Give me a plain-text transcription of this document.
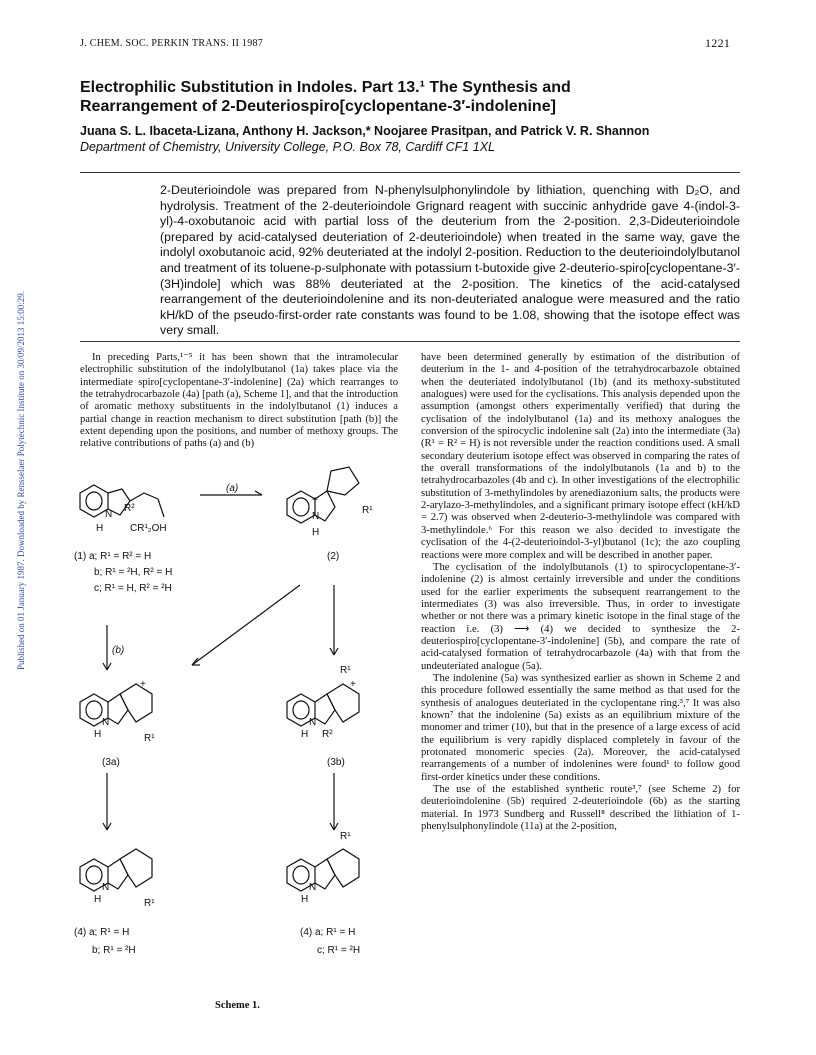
J. CHEM. SOC. PERKIN TRANS. II 1987	1221
Published on 01 January 1987. Downloaded by Rensselaer Polytechnic Institute on 30/09/2013 15:00:29.
Electrophilic Substitution in Indoles. Part 13.¹ The Synthesis and
Rearrangement of 2-Deuteriospiro[cyclopentane-3′-indolenine]
Juana S. L. Ibaceta-Lizana, Anthony H. Jackson,* Noojaree Prasitpan, and Patrick V. R. Shannon
Department of Chemistry, University College, P.O. Box 78, Cardiff CF1 1XL
2-Deuterioindole was prepared from N-phenylsulphonylindole by lithiation, quenching with D₂O, and hydrolysis. Treatment of the 2-deuterioindole Grignard reagent with succinic anhydride gave 4-(indol-3-yl)-4-oxobutanoic acid with partial loss of the deuterium from the 2-position. 2,3-Dideuterioindole (prepared by acid-catalysed deuteriation of 2-deuterioindole) when treated in the same way, gave the indolyl oxobutanoic acid, 92% deuteriated at the indolyl 2-position. Reduction to the deuterioindolylbutanol and treatment of its toluene-p-sulphonate with potassium t-butoxide give 2-deuterio-spiro[cyclopentane-3′-(3H)indole] which was 88% deuteriated at the 2-position. The kinetics of the acid-catalysed rearrangement of the deuterioindolenine and its non-deuteriated analogue were measured and the ratio kH/kD of the pseudo-first-order rate constants was found to be 1.08, showing that the isotope effect was very small.

In preceding Parts,¹⁻⁵ it has been shown that the intramolecular electrophilic substitution of the indolylbutanol (1a) takes place via the intermediate spiro[cyclopentane-3′-indolenine] (2a) which rearranges to the tetrahydrocarbazole (4a) [path (a), Scheme 1], and that the introduction of aromatic methoxy substituents in the indolylbutanol (1) induces a partial change in reaction mechanism to direct substitution [path (b)] the extent depending upon the positions, and number of methoxy groups. The relative contributions of paths (a) and (b)

(a)
(b)
N
H
R²
CR¹₂OH
(1) a; R¹ = R² = H
b; R¹ = ²H, R² = H
c; R¹ = H, R² = ²H
+
N
H
R¹
(2)
+
N
H	R¹
(3a)
R¹
+
N
H R²
(3b)
N
H	R¹
(4) a; R¹ = H
b; R¹ = ²H
R¹
N
H
(4) a; R¹ = H
c; R¹ = ²H
Scheme 1.

have been determined generally by estimation of the distribution of deuterium in the 1- and 4-position of the tetrahydrocarbazole obtained when the deuteriated indolylbutanol (1b) (and its methoxy-substituted analogues) were used for the cyclisations. This analysis depended upon the assumption (amongst others experimentally verified) that during the cyclisation of the indolylbutanol (1a) and its methoxy analogues the conversion of the spirocyclic indolenine salt (2a) into the intermediate (3a) (R¹ = R² = H) is not reversible under the reaction conditions used. A small secondary deuterium isotope effect was observed in comparing the rates of the overall transformations of the indolylbutanols (1a and b) to the tetrahydrocarbazoles (4b and c). In other investigations of the electrophilic substitution of 3-methylindoles by arenediazonium salts, the products were 2-arylazo-3-methylindoles, and a significant primary isotope effect (kH/kD = 2.7) was observed when 2-deuterio-3-methylindole was compared with 3-methylindole.⁶ For this reason we also decided to investigate the cyclisation of the 4-(2-deuterioindol-3-yl)butanol (1c); the azo coupling reactions were more complex and will be described in another paper.

The cyclisation of the indolylbutanols (1) to spirocyclopentane-3′-indolenine (2) is almost certainly irreversible and under the conditions used for the earlier experiments the subsequent rearrangement to the intermediates (3) was also irreversible. Thus, in order to investigate whether or not there was a primary kinetic isotope in the final stage of the reaction i.e. (3) ⟶ (4) we decided to synthesize the 2-deuteriospiro[cyclopentane-3′-indolenine] (5b), and compare the rate of acid-catalysed formation of tetrahydrocarbazole (4a) with that from the undeuteriated analogue (5a).

The indolenine (5a) was synthesized earlier as shown in Scheme 2 and this procedure followed essentially the same method as that used for the synthesis of analogues deuteriated in the cyclopentane ring.³,⁷ It was also known⁷ that the indolenine (5a) exists as an equilibrium mixture of the monomer and trimer (10), but that in the presence of a large excess of acid the equilibrium is very rapidly displaced completely in favour of the protonated monomeric species (2a). Moreover, the acid-catalysed rearrangements of a number of indolenines were found¹ to follow good first-order kinetics under these conditions.

The use of the established synthetic route³,⁷ (see Scheme 2) for deuterioindolenine (5b) required 2-deuterioindole (6b) as the starting material. In 1973 Sundberg and Russell⁸ described the lithiation of 1-phenylsulphonylindole (11a) at the 2-position,
